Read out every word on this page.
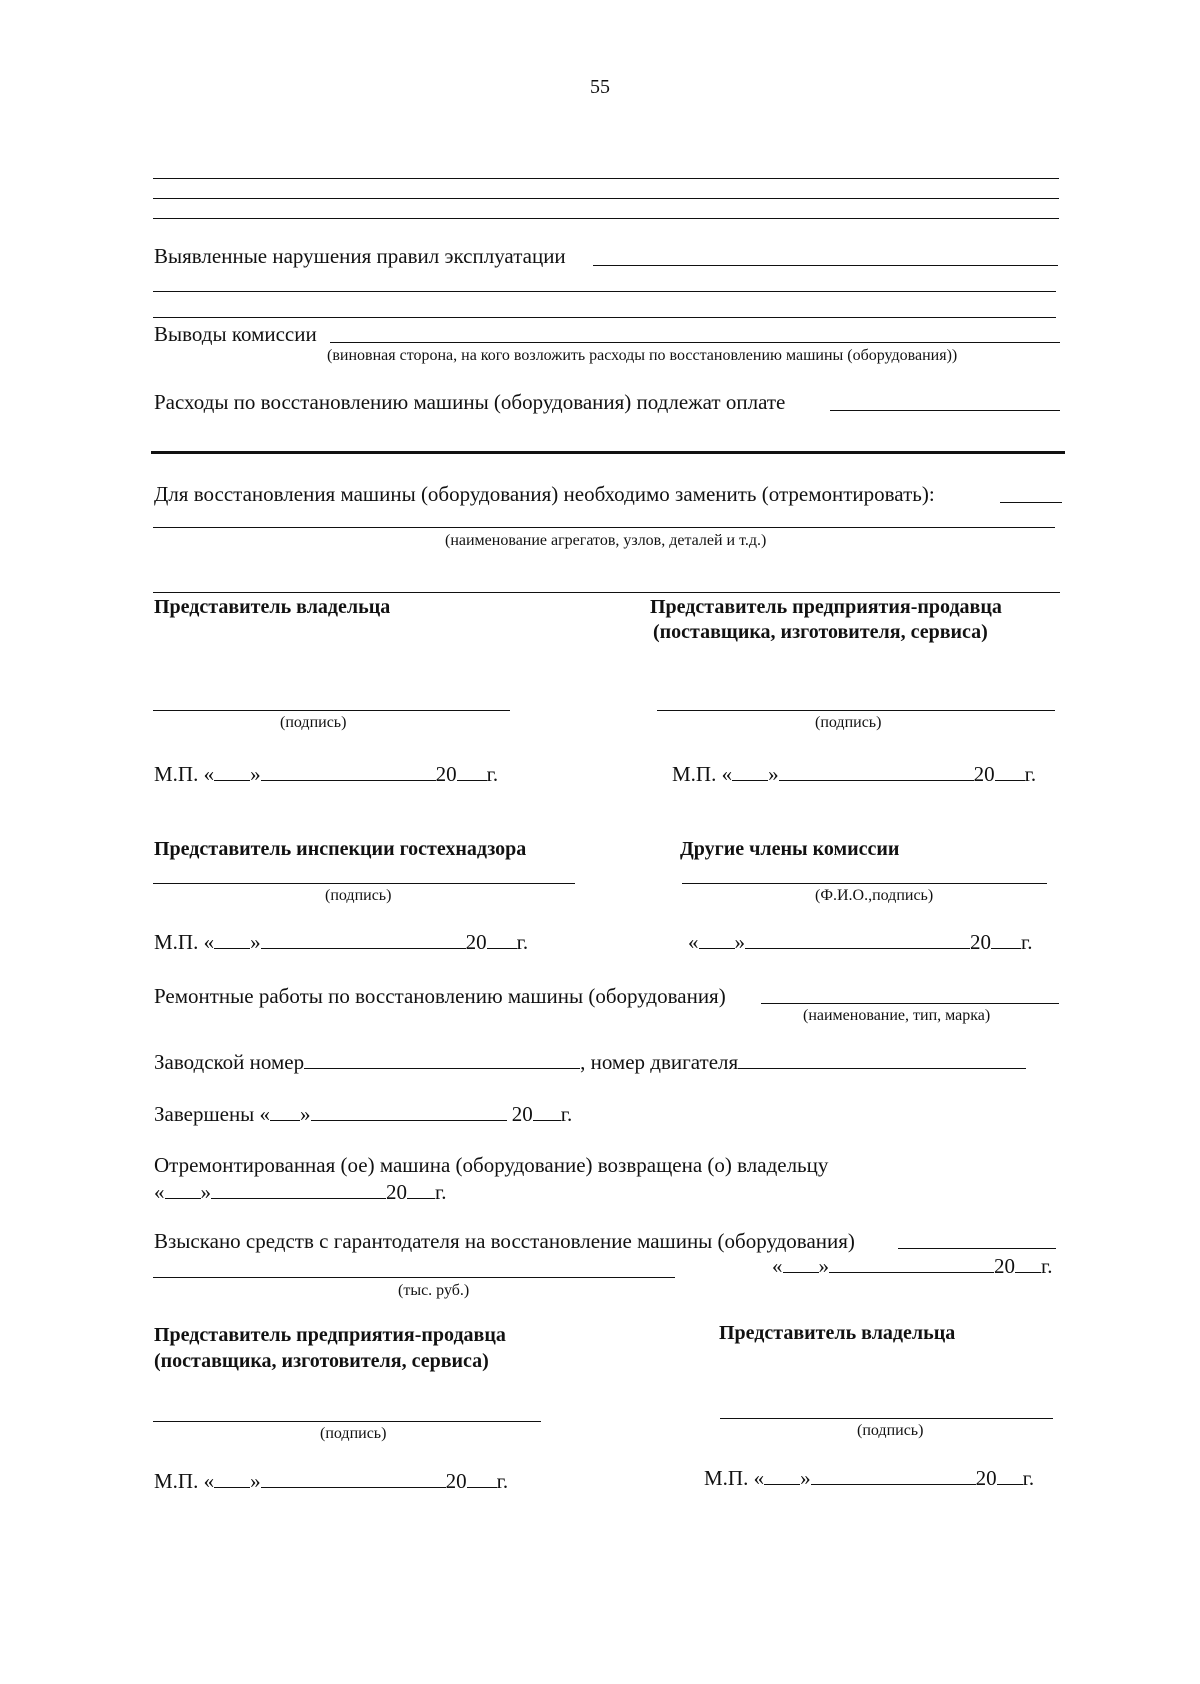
55
Выявленные нарушения правил эксплуатации
Выводы комиссии
(виновная сторона, на кого возложить расходы по восстановлению машины (оборудования))
Расходы по восстановлению машины (оборудования) подлежат оплате
Для восстановления машины (оборудования) необходимо заменить (отремонтировать):
(наименование агрегатов, узлов, деталей и т.д.)
Представитель владельца	Представитель предприятия-продавца
(поставщика, изготовителя, сервиса)
(подпись)	(подпись)
М.П. « »	20 г.	М.П. « »	20 г.
Представитель инспекции гостехнадзора	Другие члены комиссии
(подпись)	(Ф.И.О.,подпись)
М.П. « »	20 г.	« »	20 г.
Ремонтные работы по восстановлению машины (оборудования)
(наименование, тип, марка)
Заводской номер	, номер двигателя
Завершены « »	20 г.
Отремонтированная (ое) машина (оборудование) возвращена (о) владельцу
« »	20 г.
Взыскано средств с гарантодателя на восстановление машины (оборудования)
« »	20 г.
(тыс. руб.)
Представитель предприятия-продавца
(поставщика, изготовителя, сервиса)
Представитель владельца
(подпись)	(подпись)
М.П. « »	20 г.	М.П. « »	20 г.
